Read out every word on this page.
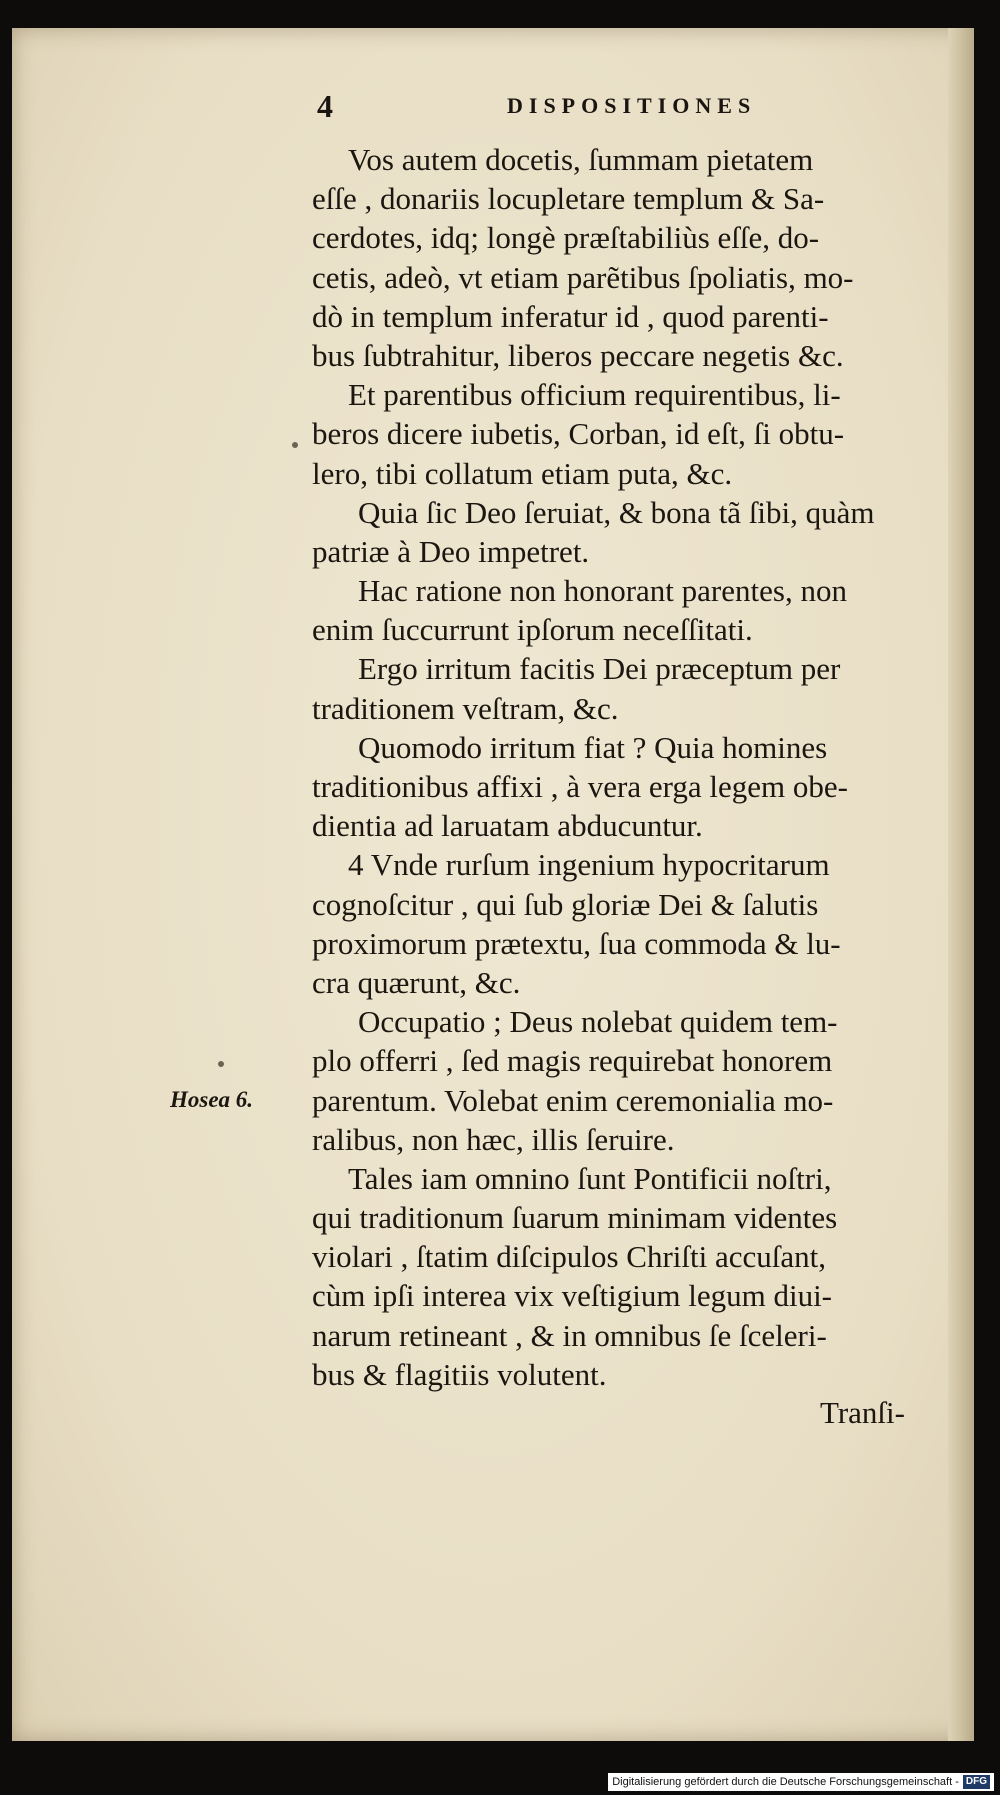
4	DISPOSITIONES
Hosea 6.
Vos autem docetis, ſummam pietatem
eſſe , donariis locupletare templum & Sa-
cerdotes, idq; longè præſtabiliùs eſſe, do-
cetis, adeò, vt etiam parẽtibus ſpoliatis, mo-
dò in templum inferatur id , quod parenti-
bus ſubtrahitur, liberos peccare negetis &c.
Et parentibus officium requirentibus, li-
beros dicere iubetis, Corban, id eſt, ſi obtu-
lero, tibi collatum etiam puta, &c.
Quia ſic Deo ſeruiat, & bona tã ſibi, quàm
patriæ à Deo impetret.
Hac ratione non honorant parentes, non
enim ſuccurrunt ipſorum neceſſitati.
Ergo irritum facitis Dei præceptum per
traditionem veſtram, &c.
Quomodo irritum fiat ? Quia homines
traditionibus affixi , à vera erga legem obe-
dientia ad laruatam abducuntur.
4 Vnde rurſum ingenium hypocritarum
cognoſcitur , qui ſub gloriæ Dei & ſalutis
proximorum prætextu, ſua commoda & lu-
cra quærunt, &c.
Occupatio ; Deus nolebat quidem tem-
plo offerri , ſed magis requirebat honorem
parentum. Volebat enim ceremonialia mo-
ralibus, non hæc, illis ſeruire.
Tales iam omnino ſunt Pontificii noſtri,
qui traditionum ſuarum minimam videntes
violari , ſtatim diſcipulos Chriſti accuſant,
cùm ipſi interea vix veſtigium legum diui-
narum retineant , & in omnibus ſe ſceleri-
bus & flagitiis volutent.
Tranſi-
Digitalisierung gefördert durch die Deutsche Forschungsgemeinschaft - DFG
